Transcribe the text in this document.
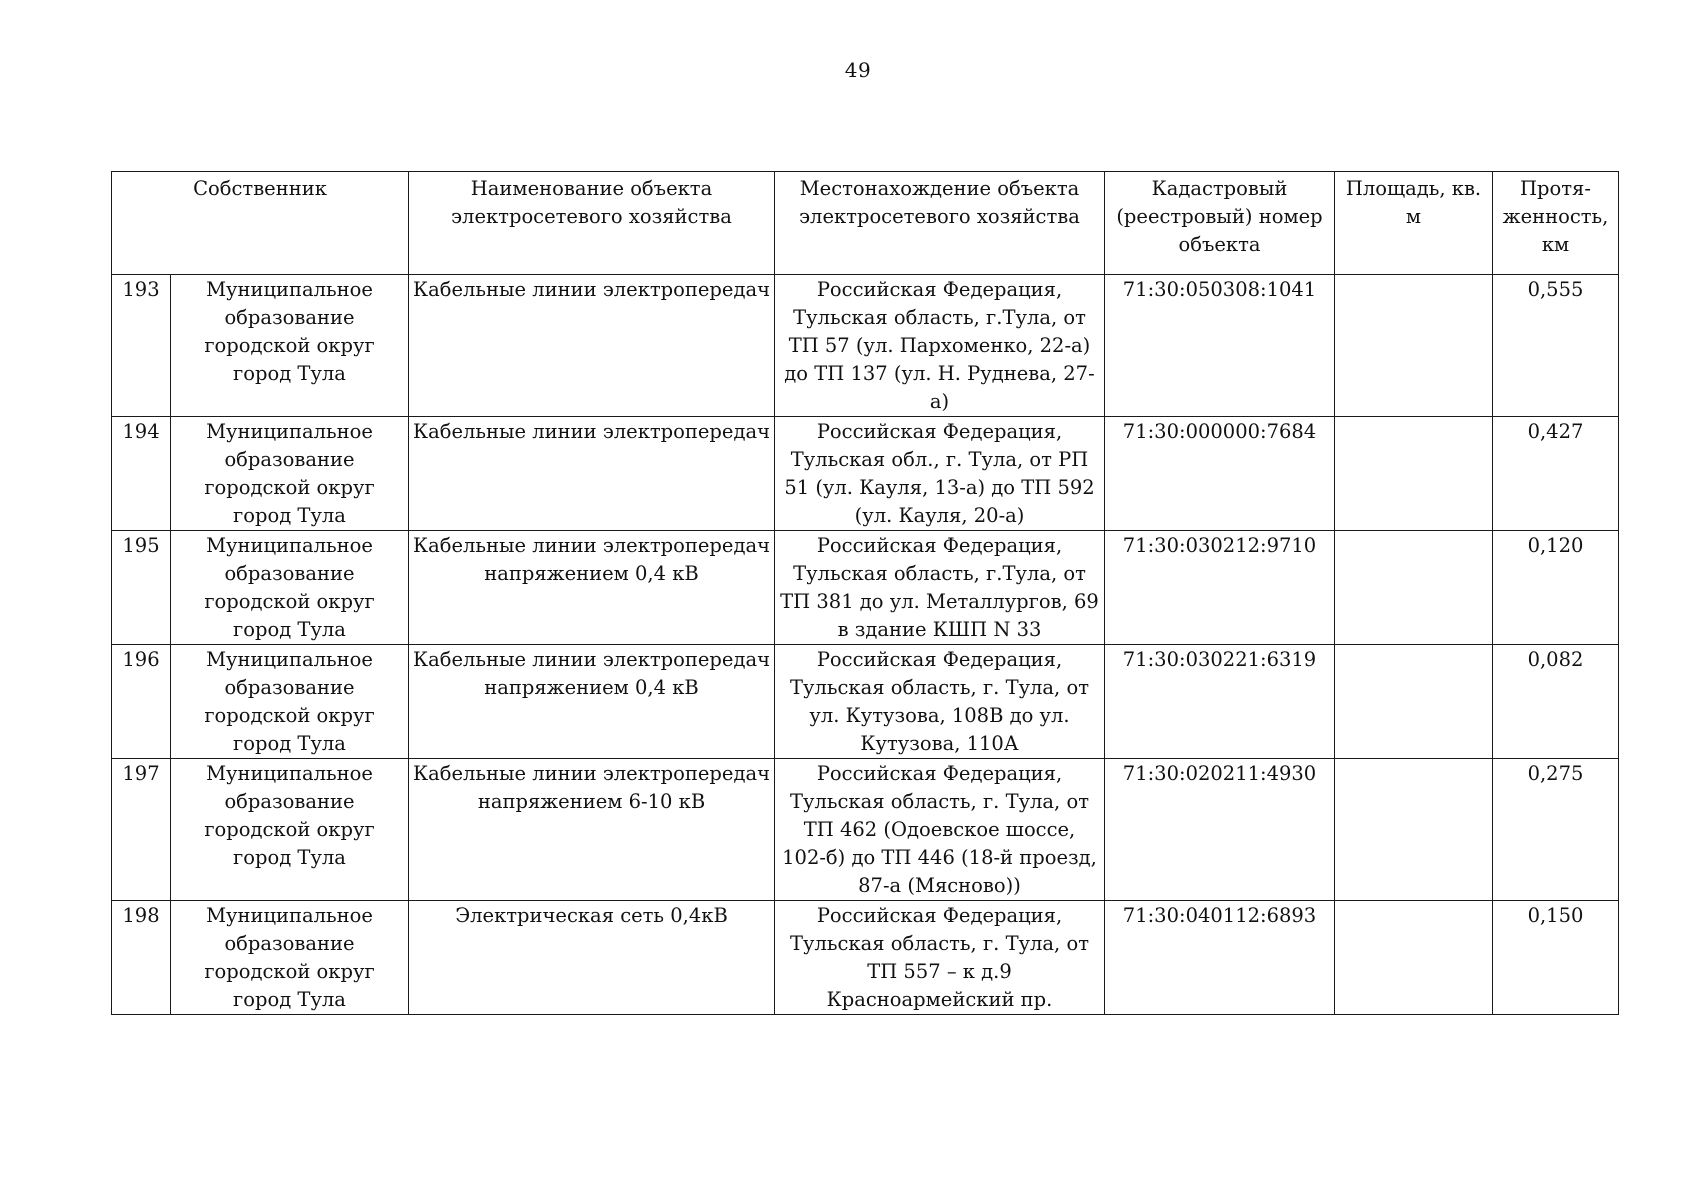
49
Собственник		Наименование объекта электросетевого хозяйства	Местонахождение объекта электросетевого хозяйства	Кадастровый (реестровый) номер объекта	Площадь, кв. м	Протя-женность, км
193	Муниципальное образование городской округ город Тула	Кабельные линии электропередач	Российская Федерация, Тульская область, г.Тула, от ТП 57 (ул. Пархоменко, 22-а) до ТП 137 (ул. Н. Руднева, 27-а)	71:30:050308:1041		0,555
194	Муниципальное образование городской округ город Тула	Кабельные линии электропередач	Российская Федерация, Тульская обл., г. Тула, от РП 51 (ул. Кауля, 13-а) до ТП 592 (ул. Кауля, 20-а)	71:30:000000:7684		0,427
195	Муниципальное образование городской округ город Тула	Кабельные линии электропередач напряжением 0,4 кВ	Российская Федерация, Тульская область, г.Тула, от ТП 381 до ул. Металлургов, 69 в здание КШП N 33	71:30:030212:9710		0,120
196	Муниципальное образование городской округ город Тула	Кабельные линии электропередач напряжением 0,4 кВ	Российская Федерация, Тульская область, г. Тула, от ул. Кутузова, 108В до ул. Кутузова, 110А	71:30:030221:6319		0,082
197	Муниципальное образование городской округ город Тула	Кабельные линии электропередач напряжением 6-10 кВ	Российская Федерация, Тульская область, г. Тула, от ТП 462 (Одоевское шоссе, 102-б) до ТП 446 (18-й проезд, 87-а (Мясново))	71:30:020211:4930		0,275
198	Муниципальное образование городской округ город Тула	Электрическая сеть 0,4кВ	Российская Федерация, Тульская область, г. Тула, от ТП 557 – к д.9 Красноармейский пр.	71:30:040112:6893		0,150
